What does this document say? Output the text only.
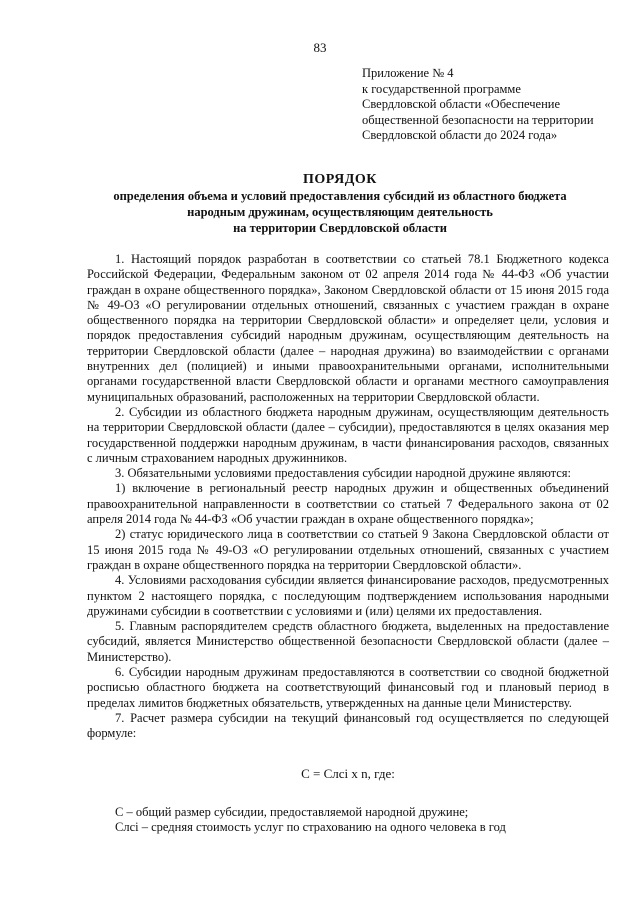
83
Приложение № 4
к государственной программе
Свердловской области «Обеспечение
общественной безопасности на территории
Свердловской области до 2024 года»
ПОРЯДОК
определения объема и условий предоставления субсидий из областного бюджета
народным дружинам, осуществляющим деятельность
на территории Свердловской области

1. Настоящий порядок разработан в соответствии со статьей 78.1 Бюджетного кодекса Российской Федерации, Федеральным законом от 02 апреля 2014 года № 44-ФЗ «Об участии граждан в охране общественного порядка», Законом Свердловской области от 15 июня 2015 года № 49-ОЗ «О регулировании отдельных отношений, связанных с участием граждан в охране общественного порядка на территории Свердловской области» и определяет цели, условия и порядок предоставления субсидий народным дружинам, осуществляющим деятельность на территории Свердловской области (далее – народная дружина) во взаимодействии с органами внутренних дел (полицией) и иными правоохранительными органами, исполнительными органами государственной власти Свердловской области и органами местного самоуправления муниципальных образований, расположенных на территории Свердловской области.

2. Субсидии из областного бюджета народным дружинам, осуществляющим деятельность на территории Свердловской области (далее – субсидии), предоставляются в целях оказания мер государственной поддержки народным дружинам, в части финансирования расходов, связанных с личным страхованием народных дружинников.

3. Обязательными условиями предоставления субсидии народной дружине являются:

1) включение в региональный реестр народных дружин и общественных объединений правоохранительной направленности в соответствии со статьей 7 Федерального закона от 02 апреля 2014 года № 44-ФЗ «Об участии граждан в охране общественного порядка»;

2) статус юридического лица в соответствии со статьей 9 Закона Свердловской области от 15 июня 2015 года № 49-ОЗ «О регулировании отдельных отношений, связанных с участием граждан в охране общественного порядка на территории Свердловской области».

4. Условиями расходования субсидии является финансирование расходов, предусмотренных пунктом 2 настоящего порядка, с последующим подтверждением использования народными дружинами субсидии в соответствии с условиями и (или) целями их предоставления.

5. Главным распорядителем средств областного бюджета, выделенных на предоставление субсидий, является Министерство общественной безопасности Свердловской области (далее – Министерство).

6. Субсидии народным дружинам предоставляются в соответствии со сводной бюджетной росписью областного бюджета на соответствующий финансовый год и плановый период в пределах лимитов бюджетных обязательств, утвержденных на данные цели Министерству.

7. Расчет размера субсидии на текущий финансовый год осуществляется по следующей формуле:

С = Слсi х n, где:

С – общий размер субсидии, предоставляемой народной дружине;

Слсi – средняя стоимость услуг по страхованию на одного человека в год
